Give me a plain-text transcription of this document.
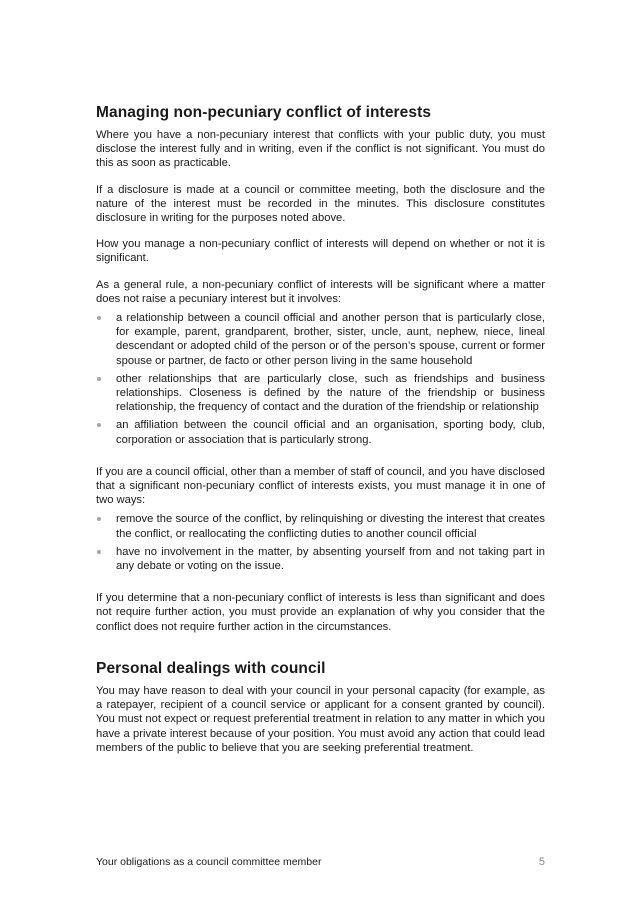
Managing non-pecuniary conflict of interests

Where you have a non-pecuniary interest that conflicts with your public duty, you must disclose the interest fully and in writing, even if the conflict is not significant. You must do this as soon as practicable.

If a disclosure is made at a council or committee meeting, both the disclosure and the nature of the interest must be recorded in the minutes. This disclosure constitutes disclosure in writing for the purposes noted above.

How you manage a non-pecuniary conflict of interests will depend on whether or not it is significant.

As a general rule, a non-pecuniary conflict of interests will be significant where a matter does not raise a pecuniary interest but it involves:

a relationship between a council official and another person that is particularly close, for example, parent, grandparent, brother, sister, uncle, aunt, nephew, niece, lineal descendant or adopted child of the person or of the person’s spouse, current or former spouse or partner, de facto or other person living in the same household
other relationships that are particularly close, such as friendships and business relationships. Closeness is defined by the nature of the friendship or business relationship, the frequency of contact and the duration of the friendship or relationship
an affiliation between the council official and an organisation, sporting body, club, corporation or association that is particularly strong.

If you are a council official, other than a member of staff of council, and you have disclosed that a significant non-pecuniary conflict of interests exists, you must manage it in one of two ways:

remove the source of the conflict, by relinquishing or divesting the interest that creates the conflict, or reallocating the conflicting duties to another council official
have no involvement in the matter, by absenting yourself from and not taking part in any debate or voting on the issue.

If you determine that a non-pecuniary conflict of interests is less than significant and does not require further action, you must provide an explanation of why you consider that the conflict does not require further action in the circumstances.

Personal dealings with council

You may have reason to deal with your council in your personal capacity (for example, as a ratepayer, recipient of a council service or applicant for a consent granted by council). You must not expect or request preferential treatment in relation to any matter in which you have a private interest because of your position. You must avoid any action that could lead members of the public to believe that you are seeking preferential treatment.

Your obligations as a council committee member	5
